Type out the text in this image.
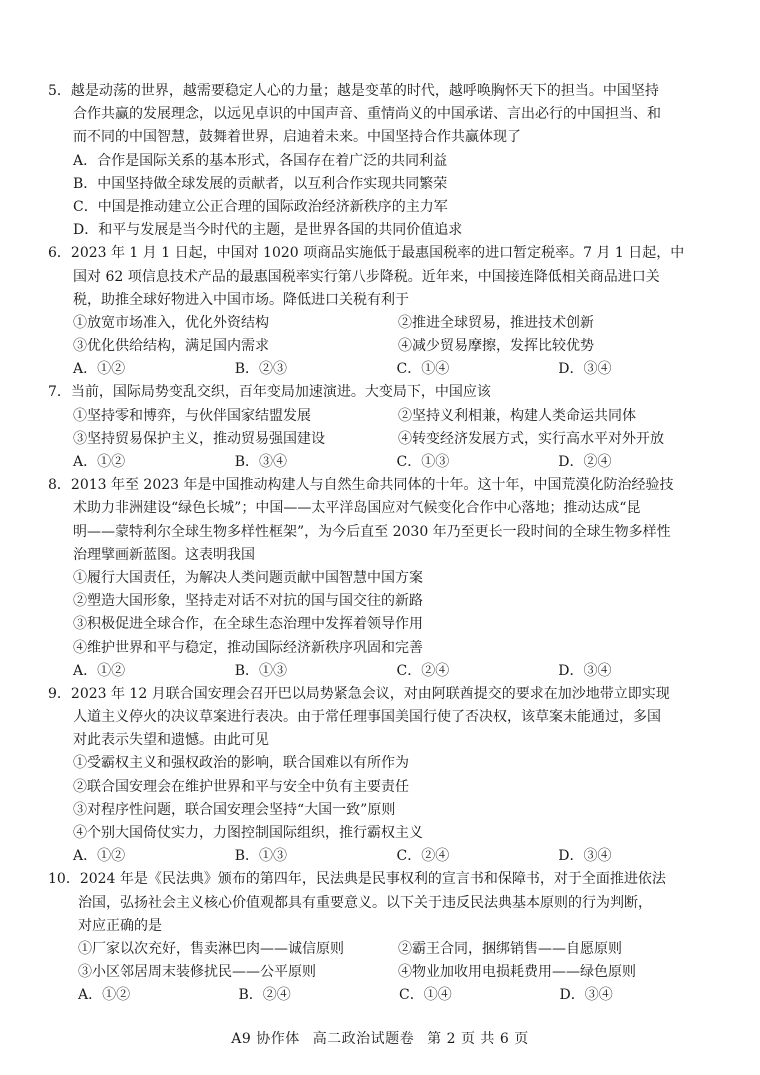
5．越是动荡的世界，越需要稳定人心的力量；越是变革的时代，越呼唤胸怀天下的担当。中国坚持
合作共赢的发展理念，以远见卓识的中国声音、重情尚义的中国承诺、言出必行的中国担当、和
而不同的中国智慧，鼓舞着世界，启迪着未来。中国坚持合作共赢体现了
A．合作是国际关系的基本形式，各国存在着广泛的共同利益
B．中国坚持做全球发展的贡献者，以互利合作实现共同繁荣
C．中国是推动建立公正合理的国际政治经济新秩序的主力军
D．和平与发展是当今时代的主题，是世界各国的共同价值追求
6．2023 年 1 月 1 日起，中国对 1020 项商品实施低于最惠国税率的进口暂定税率。7 月 1 日起，中
国对 62 项信息技术产品的最惠国税率实行第八步降税。近年来，中国接连降低相关商品进口关
税，助推全球好物进入中国市场。降低进口关税有利于
①放宽市场准入，优化外资结构	②推进全球贸易，推进技术创新
③优化供给结构，满足国内需求	④减少贸易摩擦，发挥比较优势
A．①②	B．②③	C．①④	D．③④
7．当前，国际局势变乱交织，百年变局加速演进。大变局下，中国应该
①坚持零和博弈，与伙伴国家结盟发展	②坚持义利相兼，构建人类命运共同体
③坚持贸易保护主义，推动贸易强国建设	④转变经济发展方式，实行高水平对外开放
A．①②	B．③④	C．①③	D．②④
8．2013 年至 2023 年是中国推动构建人与自然生命共同体的十年。这十年，中国荒漠化防治经验技
术助力非洲建设“绿色长城”；中国——太平洋岛国应对气候变化合作中心落地；推动达成“昆
明——蒙特利尔全球生物多样性框架”，为今后直至 2030 年乃至更长一段时间的全球生物多样性
治理擘画新蓝图。这表明我国
①履行大国责任，为解决人类问题贡献中国智慧中国方案
②塑造大国形象，坚持走对话不对抗的国与国交往的新路
③积极促进全球合作，在全球生态治理中发挥着领导作用
④维护世界和平与稳定，推动国际经济新秩序巩固和完善
A．①②	B．①③	C．②④	D．③④
9．2023 年 12 月联合国安理会召开巴以局势紧急会议，对由阿联酋提交的要求在加沙地带立即实现
人道主义停火的决议草案进行表决。由于常任理事国美国行使了否决权，该草案未能通过，多国
对此表示失望和遗憾。由此可见
①受霸权主义和强权政治的影响，联合国难以有所作为
②联合国安理会在维护世界和平与安全中负有主要责任
③对程序性问题，联合国安理会坚持“大国一致”原则
④个别大国倚仗实力，力图控制国际组织，推行霸权主义
A．①②	B．①③	C．②④	D．③④
10．2024 年是《民法典》颁布的第四年，民法典是民事权利的宣言书和保障书，对于全面推进依法
治国，弘扬社会主义核心价值观都具有重要意义。以下关于违反民法典基本原则的行为判断，
对应正确的是
①厂家以次充好，售卖淋巴肉——诚信原则	②霸王合同，捆绑销售——自愿原则
③小区邻居周末装修扰民——公平原则	④物业加收用电损耗费用——绿色原则
A．①②	B．②④	C．①④	D．③④
A9 协作体 高二政治试题卷 第 2 页 共 6 页
